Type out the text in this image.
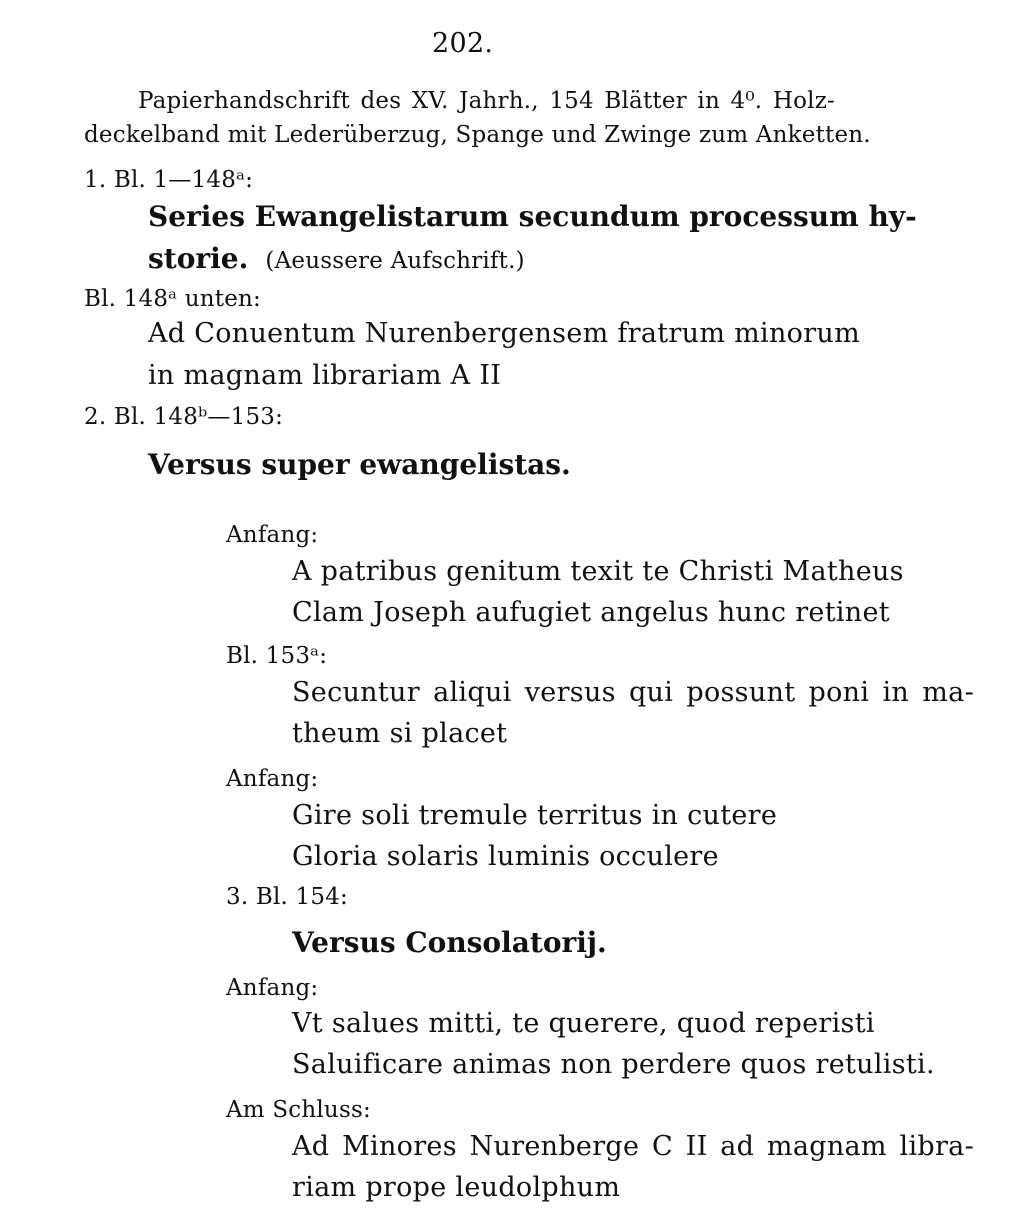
202.
Papierhandschrift des XV. Jahrh., 154 Blätter in 4⁰. Holz-
deckelband mit Lederüberzug, Spange und Zwinge zum Anketten.
1. Bl. 1—148ᵃ:
Series Ewangelistarum secundum processum hy-
storie. (Aeussere Aufschrift.)
Bl. 148ᵃ unten:
Ad Conuentum Nurenbergensem fratrum minorum
in magnam librariam A II
2. Bl. 148ᵇ—153:
Versus super ewangelistas.
Anfang:
A patribus genitum texit te Christi Matheus
Clam Joseph aufugiet angelus hunc retinet
Bl. 153ᵃ:
Secuntur aliqui versus qui possunt poni in ma-
theum si placet
Anfang:
Gire soli tremule territus in cutere
Gloria solaris luminis occulere
3. Bl. 154:
Versus Consolatorij.
Anfang:
Vt salues mitti, te querere, quod reperisti
Saluificare animas non perdere quos retulisti.
Am Schluss:
Ad Minores Nurenberge C II ad magnam libra-
riam prope leudolphum
